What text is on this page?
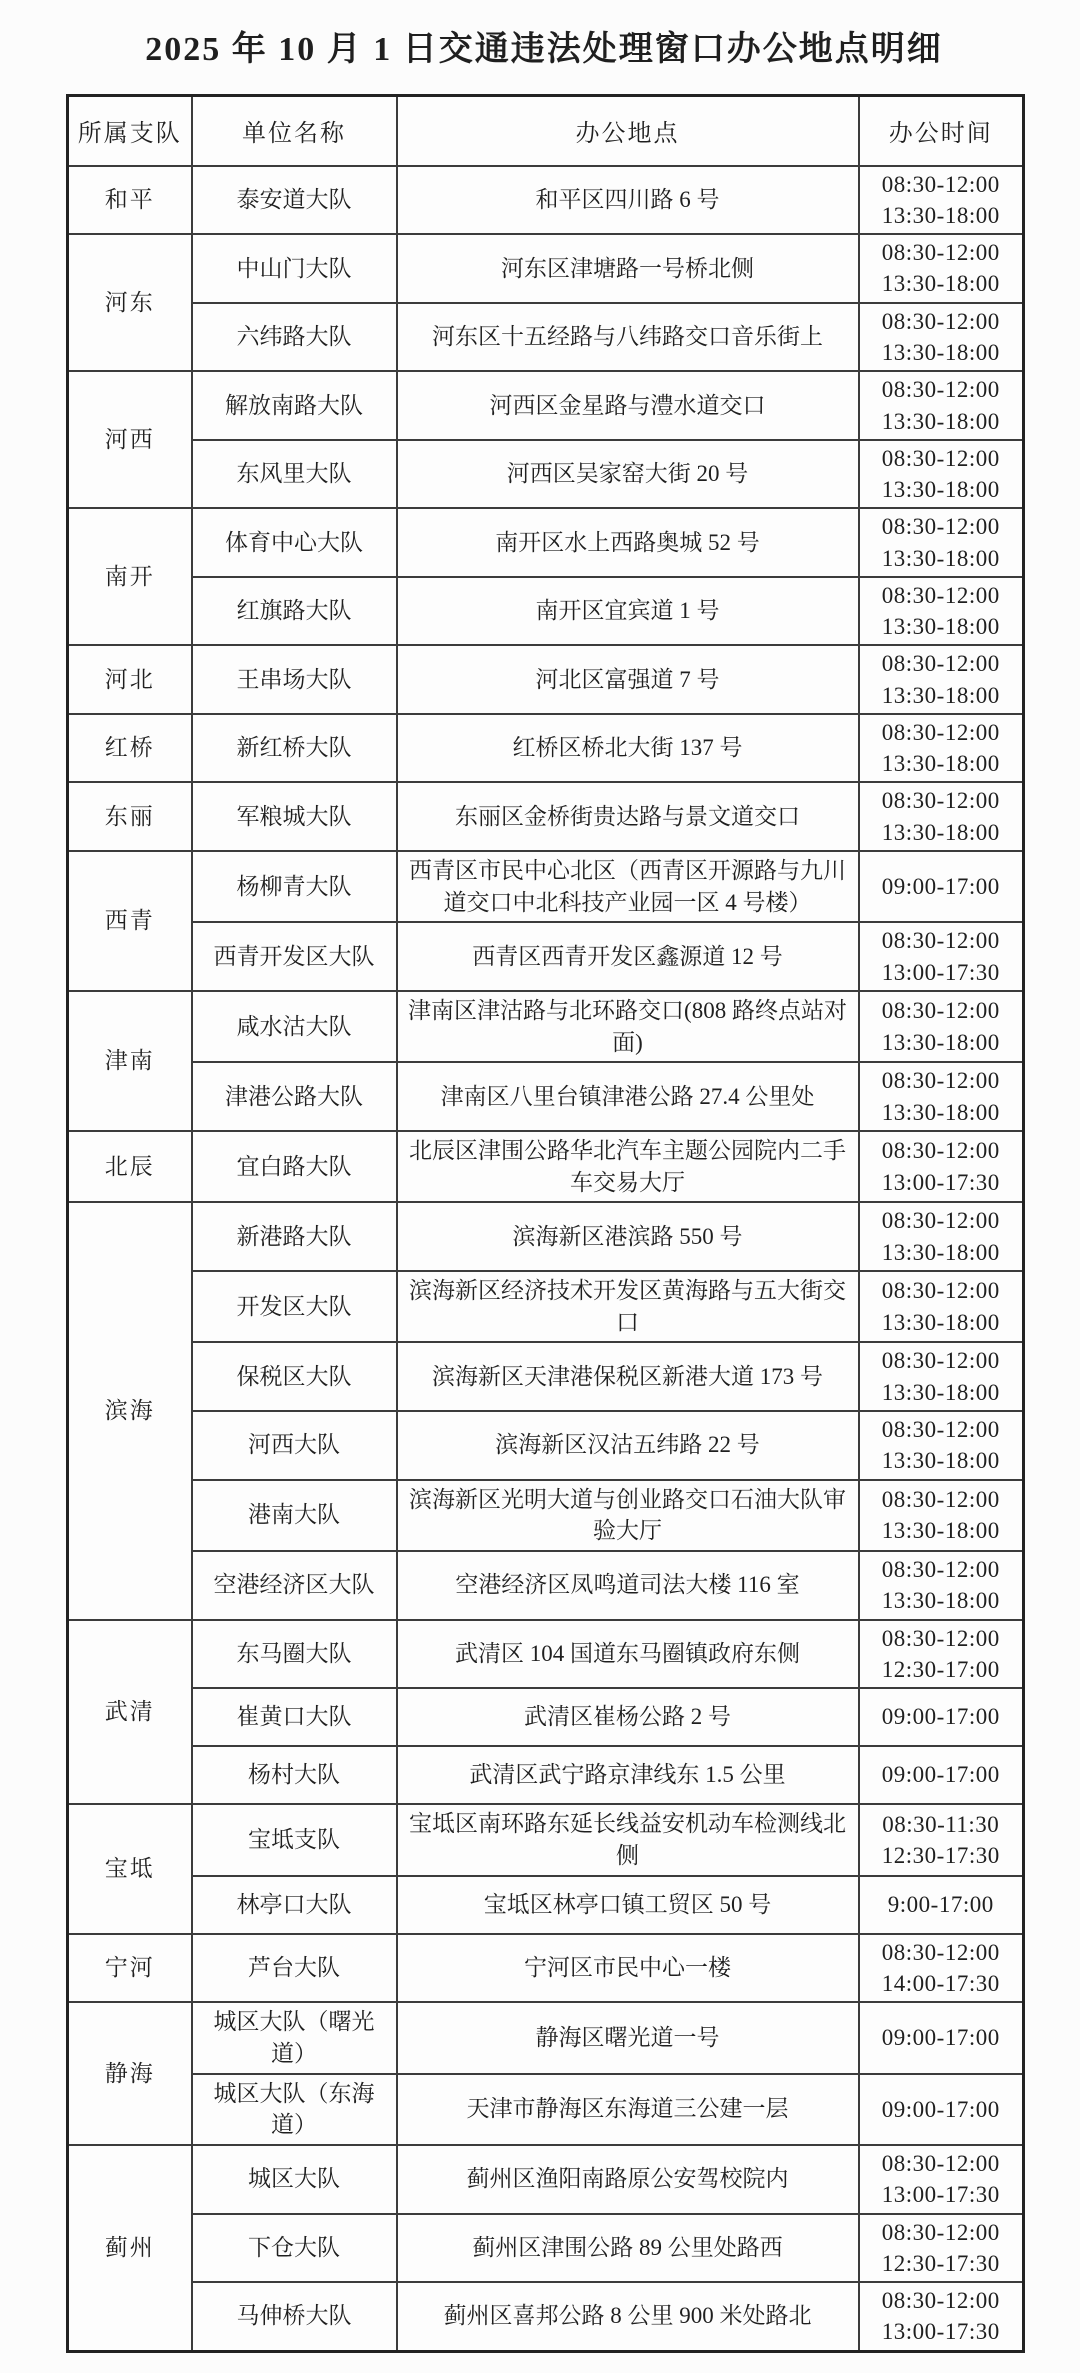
2025 年 10 月 1 日交通违法处理窗口办公地点明细
所属支队	单位名称	办公地点	办公时间
和平	泰安道大队	和平区四川路 6 号	08:30-12:00
13:30-18:00

河东	中山门大队	河东区津塘路一号桥北侧	08:30-12:00
13:30-18:00

	六纬路大队	河东区十五经路与八纬路交口音乐街上	08:30-12:00
13:30-18:00

河西	解放南路大队	河西区金星路与澧水道交口	08:30-12:00
13:30-18:00

	东风里大队	河西区吴家窑大街 20 号	08:30-12:00
13:30-18:00

南开	体育中心大队	南开区水上西路奥城 52 号	08:30-12:00
13:30-18:00

	红旗路大队	南开区宜宾道 1 号	08:30-12:00
13:30-18:00

河北	王串场大队	河北区富强道 7 号	08:30-12:00
13:30-18:00

红桥	新红桥大队	红桥区桥北大街 137 号	08:30-12:00
13:30-18:00

东丽	军粮城大队	东丽区金桥街贵达路与景文道交口	08:30-12:00
13:30-18:00

西青	杨柳青大队	西青区市民中心北区（西青区开源路与九川道交口中北科技产业园一区 4 号楼）	09:00-17:00

	西青开发区大队	西青区西青开发区鑫源道 12 号	08:30-12:00
13:00-17:30

津南	咸水沽大队	津南区津沽路与北环路交口(808 路终点站对面)	08:30-12:00
13:30-18:00

	津港公路大队	津南区八里台镇津港公路 27.4 公里处	08:30-12:00
13:30-18:00

北辰	宜白路大队	北辰区津围公路华北汽车主题公园院内二手车交易大厅	08:30-12:00
13:00-17:30

滨海	新港路大队	滨海新区港滨路 550 号	08:30-12:00
13:30-18:00

	开发区大队	滨海新区经济技术开发区黄海路与五大街交口	08:30-12:00
13:30-18:00

	保税区大队	滨海新区天津港保税区新港大道 173 号	08:30-12:00
13:30-18:00

	河西大队	滨海新区汉沽五纬路 22 号	08:30-12:00
13:30-18:00

	港南大队	滨海新区光明大道与创业路交口石油大队审验大厅	08:30-12:00
13:30-18:00

	空港经济区大队	空港经济区凤鸣道司法大楼 116 室	08:30-12:00
13:30-18:00

武清	东马圈大队	武清区 104 国道东马圈镇政府东侧	08:30-12:00
12:30-17:00

	崔黄口大队	武清区崔杨公路 2 号	09:00-17:00

	杨村大队	武清区武宁路京津线东 1.5 公里	09:00-17:00

宝坻	宝坻支队	宝坻区南环路东延长线益安机动车检测线北侧	08:30-11:30
12:30-17:30

	林亭口大队	宝坻区林亭口镇工贸区 50 号	9:00-17:00

宁河	芦台大队	宁河区市民中心一楼	08:30-12:00
14:00-17:30

静海	城区大队（曙光道）	静海区曙光道一号	09:00-17:00

	城区大队（东海道）	天津市静海区东海道三公建一层	09:00-17:00

蓟州	城区大队	蓟州区渔阳南路原公安驾校院内	08:30-12:00
13:00-17:30

	下仓大队	蓟州区津围公路 89 公里处路西	08:30-12:00
12:30-17:30

	马伸桥大队	蓟州区喜邦公路 8 公里 900 米处路北	08:30-12:00
13:00-17:30
